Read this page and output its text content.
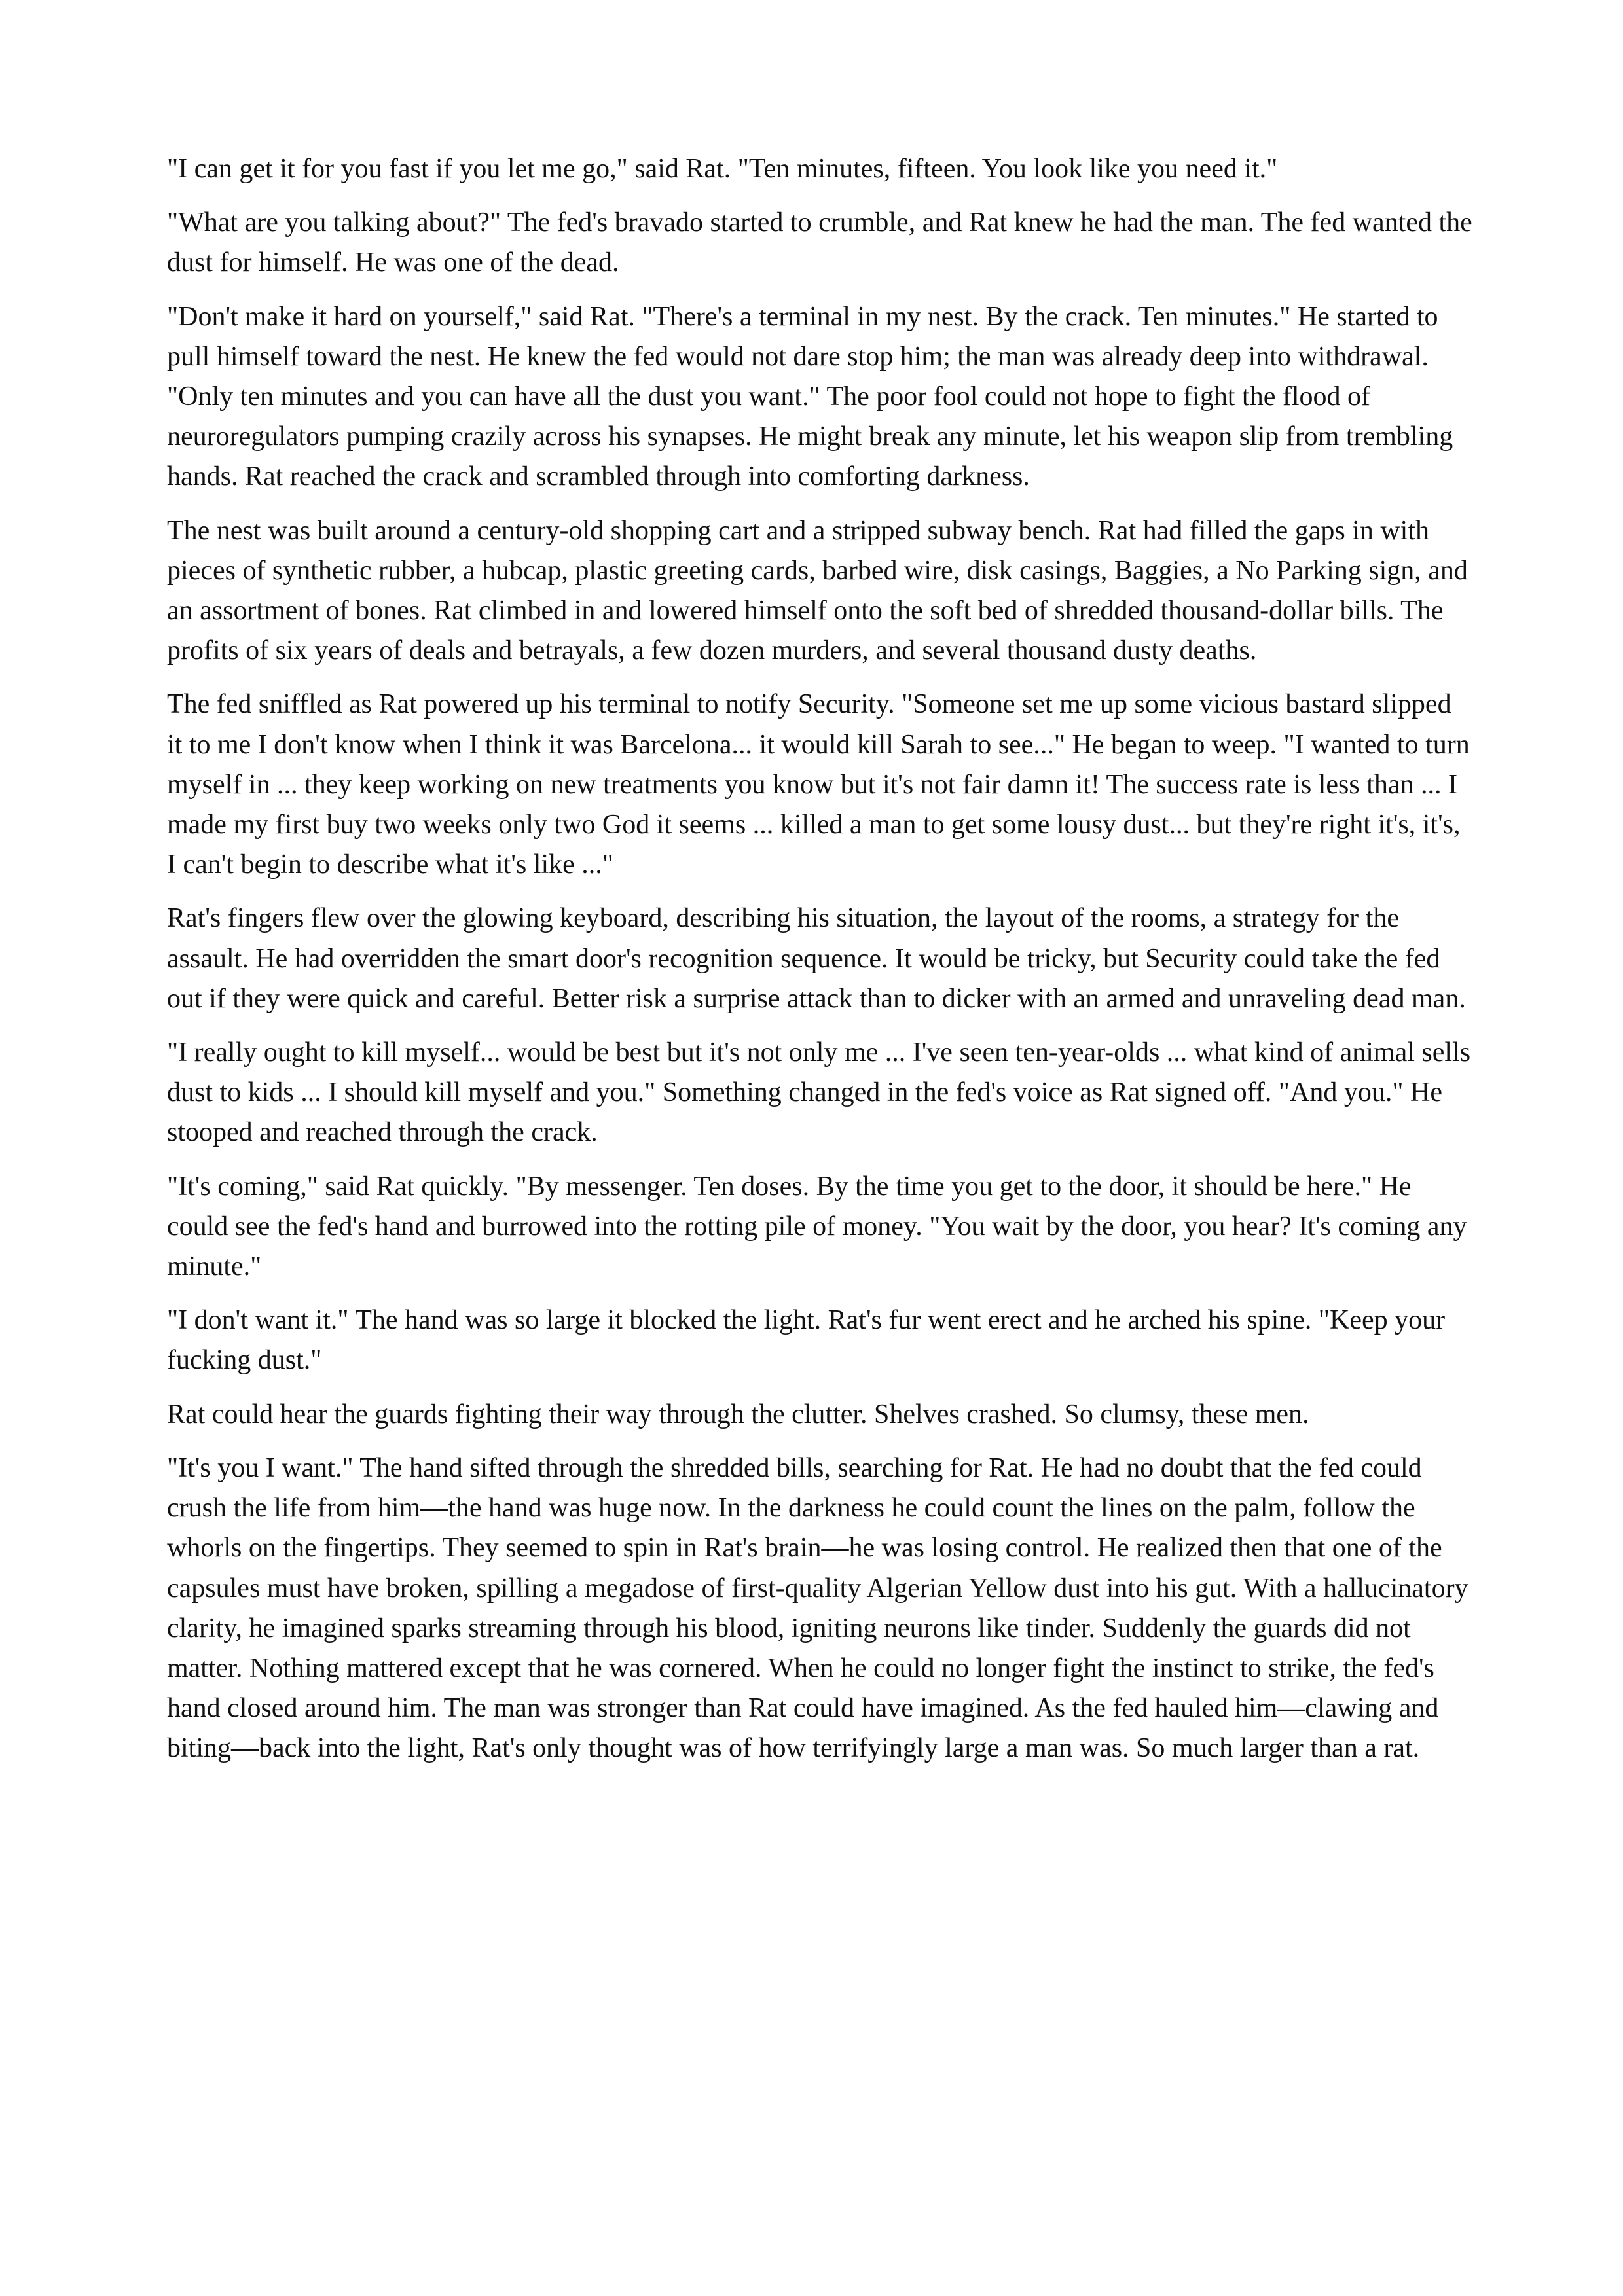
"I can get it for you fast if you let me go," said Rat. "Ten minutes, fifteen. You look like you need it."

"What are you talking about?" The fed's bravado started to crumble, and Rat knew he had the man. The fed wanted the dust for himself. He was one of the dead.

"Don't make it hard on yourself," said Rat. "There's a terminal in my nest. By the crack. Ten minutes." He started to pull himself toward the nest. He knew the fed would not dare stop him; the man was already deep into withdrawal. "Only ten minutes and you can have all the dust you want." The poor fool could not hope to fight the flood of neuroregulators pumping crazily across his synapses. He might break any minute, let his weapon slip from trembling hands. Rat reached the crack and scrambled through into comforting darkness.

The nest was built around a century-old shopping cart and a stripped subway bench. Rat had filled the gaps in with pieces of synthetic rubber, a hubcap, plastic greeting cards, barbed wire, disk casings, Baggies, a No Parking sign, and an assortment of bones. Rat climbed in and lowered himself onto the soft bed of shredded thousand-dollar bills. The profits of six years of deals and betrayals, a few dozen murders, and several thousand dusty deaths.

The fed sniffled as Rat powered up his terminal to notify Security. "Someone set me up some vicious bastard slipped it to me I don't know when I think it was Barcelona... it would kill Sarah to see..." He began to weep. "I wanted to turn myself in ... they keep working on new treatments you know but it's not fair damn it! The success rate is less than ... I made my first buy two weeks only two God it seems ... killed a man to get some lousy dust... but they're right it's, it's, I can't begin to describe what it's like ..."

Rat's fingers flew over the glowing keyboard, describing his situation, the layout of the rooms, a strategy for the assault. He had overridden the smart door's recognition sequence. It would be tricky, but Security could take the fed out if they were quick and careful. Better risk a surprise attack than to dicker with an armed and unraveling dead man.

"I really ought to kill myself... would be best but it's not only me ... I've seen ten-year-olds ... what kind of animal sells dust to kids ... I should kill myself and you." Something changed in the fed's voice as Rat signed off. "And you." He stooped and reached through the crack.

"It's coming," said Rat quickly. "By messenger. Ten doses. By the time you get to the door, it should be here." He could see the fed's hand and burrowed into the rotting pile of money. "You wait by the door, you hear? It's coming any minute."

"I don't want it." The hand was so large it blocked the light. Rat's fur went erect and he arched his spine. "Keep your fucking dust."

Rat could hear the guards fighting their way through the clutter. Shelves crashed. So clumsy, these men.

"It's you I want." The hand sifted through the shredded bills, searching for Rat. He had no doubt that the fed could crush the life from him—the hand was huge now. In the darkness he could count the lines on the palm, follow the whorls on the fingertips. They seemed to spin in Rat's brain—he was losing control. He realized then that one of the capsules must have broken, spilling a megadose of first-quality Algerian Yellow dust into his gut. With a hallucinatory clarity, he imagined sparks streaming through his blood, igniting neurons like tinder. Suddenly the guards did not matter. Nothing mattered except that he was cornered. When he could no longer fight the instinct to strike, the fed's hand closed around him. The man was stronger than Rat could have imagined. As the fed hauled him—clawing and biting—back into the light, Rat's only thought was of how terrifyingly large a man was. So much larger than a rat.
